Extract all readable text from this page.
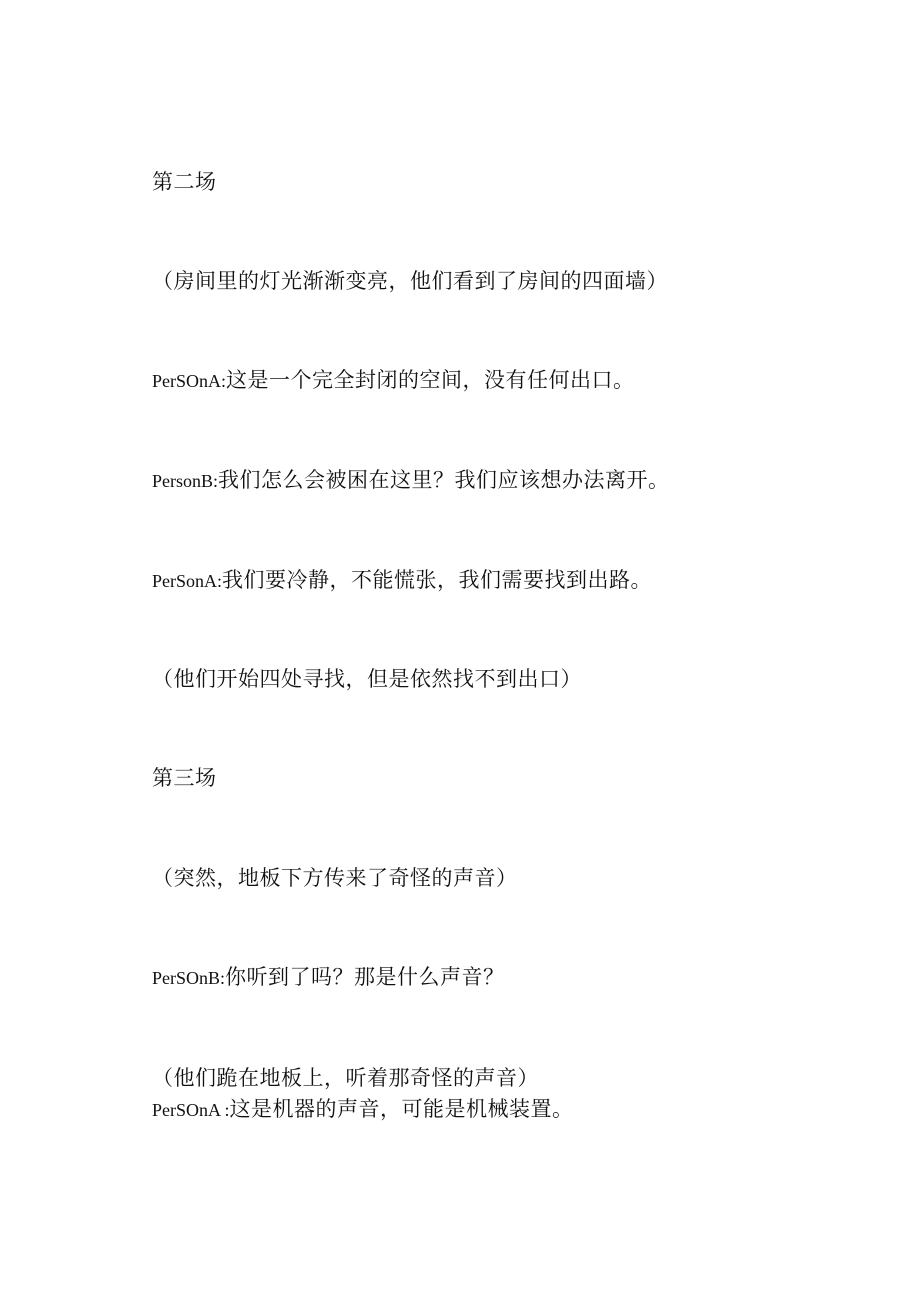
第二场
（房间里的灯光渐渐变亮，他们看到了房间的四面墙）
PerSOnA:这是一个完全封闭的空间，没有任何出口。
PersonB:我们怎么会被困在这里？我们应该想办法离开。
PerSonA:我们要冷静，不能慌张，我们需要找到出路。
（他们开始四处寻找，但是依然找不到出口）
第三场
（突然，地板下方传来了奇怪的声音）
PerSOnB:你听到了吗？那是什么声音？
（他们跪在地板上，听着那奇怪的声音）
PerSOnA :这是机器的声音，可能是机械装置。
